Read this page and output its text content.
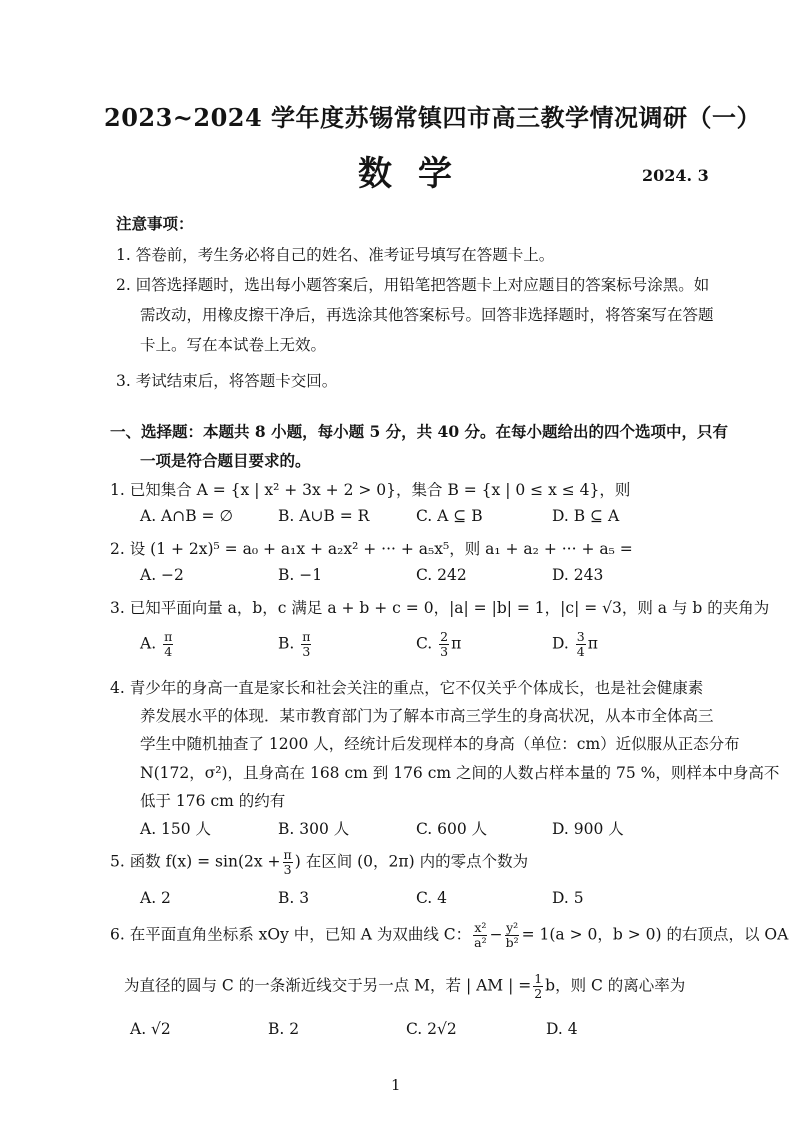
2023~2024 学年度苏锡常镇四市高三教学情况调研（一）
数学	2024. 3
注意事项：
1. 答卷前，考生务必将自己的姓名、准考证号填写在答题卡上。
2. 回答选择题时，选出每小题答案后，用铅笔把答题卡上对应题目的答案标号涂黑。如
需改动，用橡皮擦干净后，再选涂其他答案标号。回答非选择题时，将答案写在答题
卡上。写在本试卷上无效。
3. 考试结束后，将答题卡交回。
一、选择题：本题共 8 小题，每小题 5 分，共 40 分。在每小题给出的四个选项中，只有
一项是符合题目要求的。
1. 已知集合 A = {x | x² + 3x + 2 > 0}，集合 B = {x | 0 ≤ x ≤ 4}，则
A. A∩B = ∅	B. A∪B = R	C. A ⊆ B	D. B ⊆ A
2. 设 (1 + 2x)⁵ = a₀ + a₁x + a₂x² + ··· + a₅x⁵，则 a₁ + a₂ + ··· + a₅ =
A. −2	B. −1	C. 242	D. 243
3. 已知平面向量 a，b，c 满足 a + b + c = 0，|a| = |b| = 1，|c| = √3，则 a 与 b 的夹角为
A. $\frac{\pi}{4}$	B. $\frac{\pi}{3}$	C. $\frac{2}{3}$ π	D. $\frac{3}{4}$ π
4. 青少年的身高一直是家长和社会关注的重点，它不仅关乎个体成长，也是社会健康素
养发展水平的体现．某市教育部门为了解本市高三学生的身高状况，从本市全体高三
学生中随机抽查了 1200 人，经统计后发现样本的身高（单位：cm）近似服从正态分布
N(172，σ²)，且身高在 168 cm 到 176 cm 之间的人数占样本量的 75 %，则样本中身高不
低于 176 cm 的约有
A. 150 人	B. 300 人	C. 600 人	D. 900 人
5. 函数 $f(x) = \sin(2x + \frac{\pi}{3}$ ) 在区间 (0，2π) 内的零点个数为
A. 2	B. 3	C. 4	D. 5
6. 在平面直角坐标系 xOy 中，已知 A 为双曲线 C： $\frac{\text{x²}}{\text{a²}} - \frac{\text{y²}}{\text{b²}} = 1(a > 0$，b > 0) 的右顶点，以 OA
为直径的圆与 C 的一条渐近线交于另一点 M，若 | AM | = $\frac{1}{2}$ b，则 C 的离心率为
A. √2	B. 2	C. 2√2	D. 4
1
